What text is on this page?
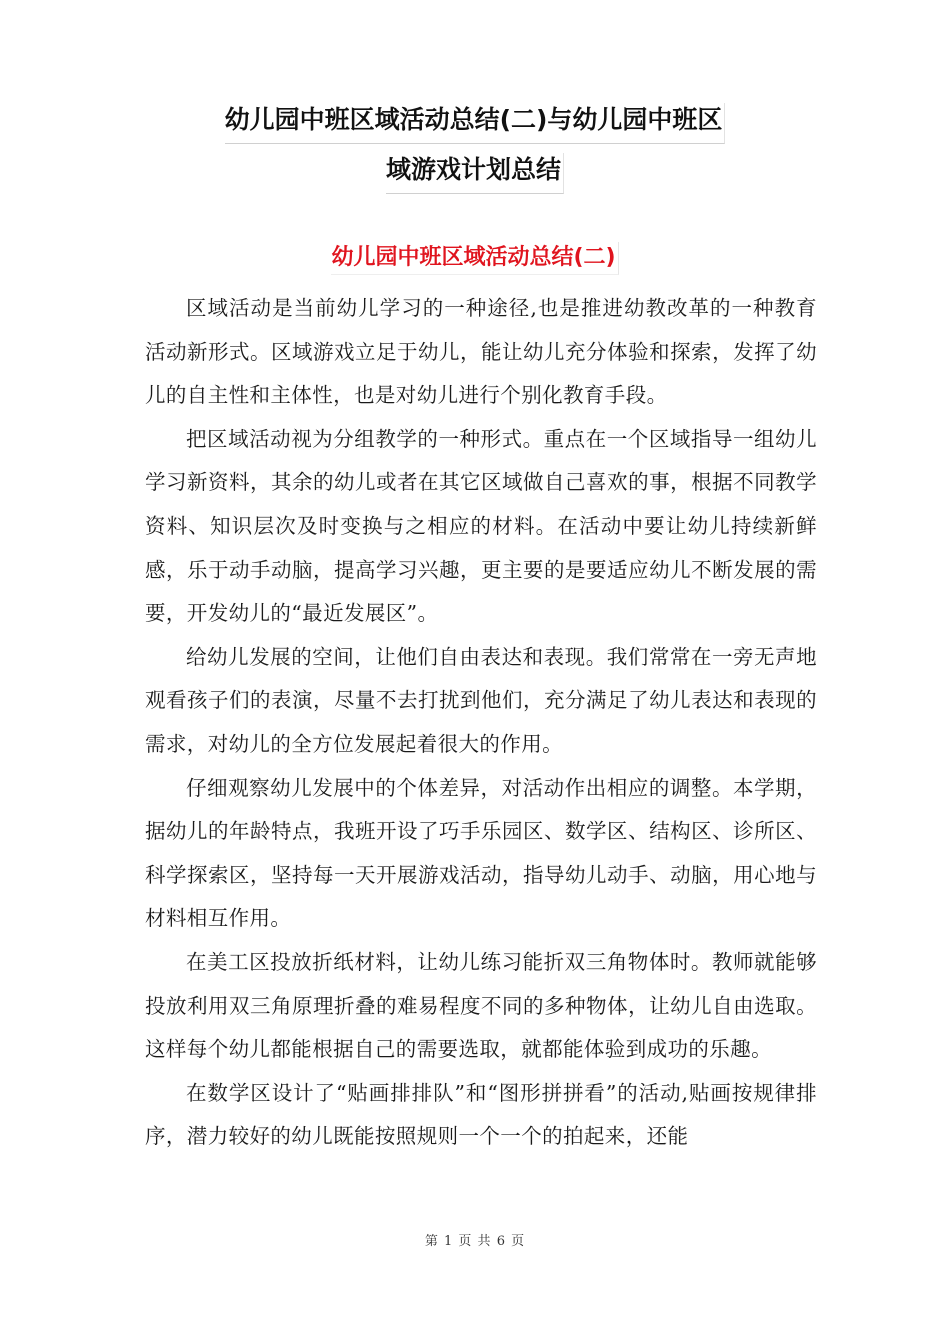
幼儿园中班区域活动总结(二)与幼儿园中班区
域游戏计划总结
幼儿园中班区域活动总结(二)

区域活动是当前幼儿学习的一种途径,也是推进幼教改革的一种教育活动新形式。区域游戏立足于幼儿，能让幼儿充分体验和探索，发挥了幼儿的自主性和主体性，也是对幼儿进行个别化教育手段。

把区域活动视为分组教学的一种形式。重点在一个区域指导一组幼儿学习新资料，其余的幼儿或者在其它区域做自己喜欢的事，根据不同教学资料、知识层次及时变换与之相应的材料。在活动中要让幼儿持续新鲜感，乐于动手动脑，提高学习兴趣，更主要的是要适应幼儿不断发展的需要，开发幼儿的“最近发展区”。

给幼儿发展的空间，让他们自由表达和表现。我们常常在一旁无声地观看孩子们的表演，尽量不去打扰到他们，充分满足了幼儿表达和表现的需求，对幼儿的全方位发展起着很大的作用。

仔细观察幼儿发展中的个体差异，对活动作出相应的调整。本学期，据幼儿的年龄特点，我班开设了巧手乐园区、数学区、结构区、诊所区、科学探索区，坚持每一天开展游戏活动，指导幼儿动手、动脑，用心地与材料相互作用。

在美工区投放折纸材料，让幼儿练习能折双三角物体时。教师就能够投放利用双三角原理折叠的难易程度不同的多种物体，让幼儿自由选取。这样每个幼儿都能根据自己的需要选取，就都能体验到成功的乐趣。

在数学区设计了“贴画排排队”和“图形拼拼看”的活动,贴画按规律排序，潜力较好的幼儿既能按照规则一个一个的拍起来，还能

第 1 页 共 6 页
